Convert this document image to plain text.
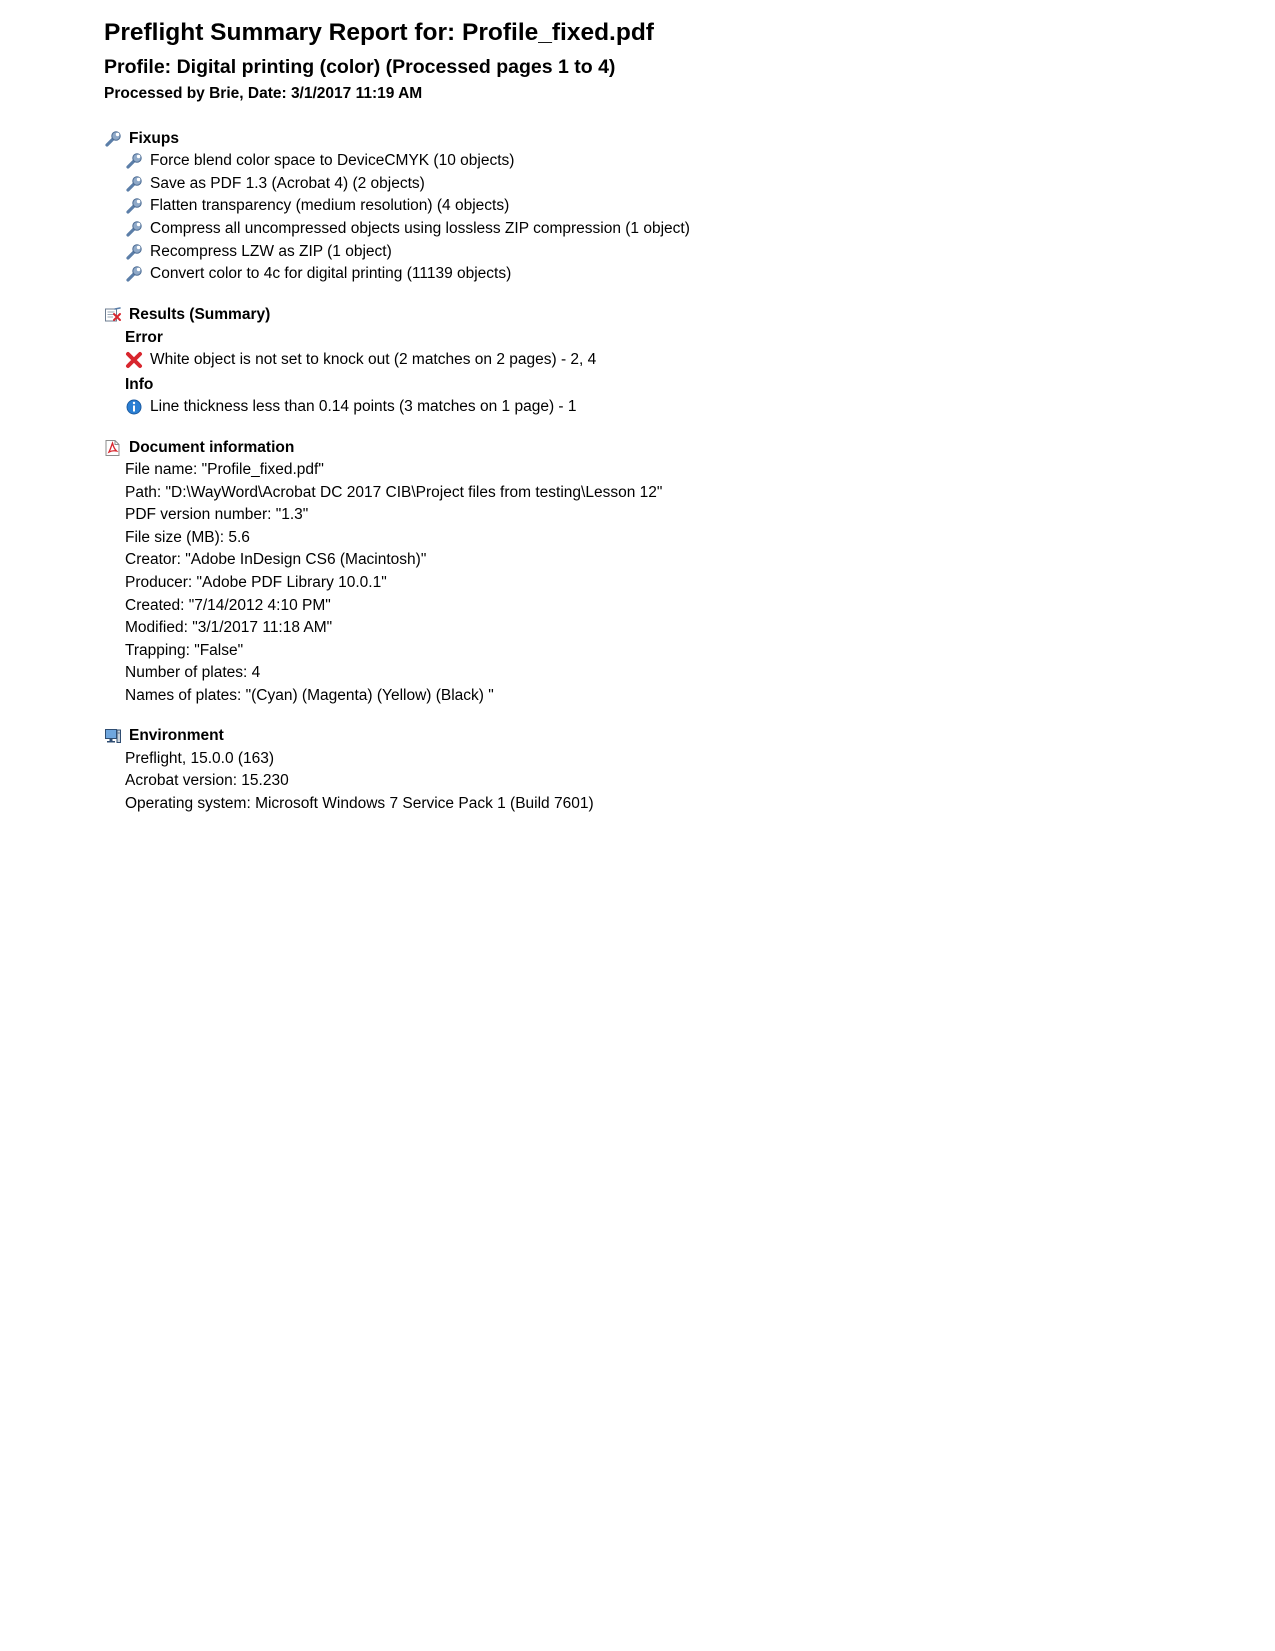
Preflight Summary Report for: Profile_fixed.pdf
Profile: Digital printing (color) (Processed pages 1 to 4)
Processed by Brie, Date: 3/1/2017 11:19 AM
Fixups
Force blend color space to DeviceCMYK (10 objects)
Save as PDF 1.3 (Acrobat 4) (2 objects)
Flatten transparency (medium resolution) (4 objects)
Compress all uncompressed objects using lossless ZIP compression (1 object)
Recompress LZW as ZIP (1 object)
Convert color to 4c for digital printing (11139 objects)
Results (Summary)
Error
White object is not set to knock out (2 matches on 2 pages) - 2, 4
Info
Line thickness less than 0.14 points (3 matches on 1 page) - 1
Document information
File name: "Profile_fixed.pdf"
Path: "D:\WayWord\Acrobat DC 2017 CIB\Project files from testing\Lesson 12"
PDF version number: "1.3"
File size (MB): 5.6
Creator: "Adobe InDesign CS6 (Macintosh)"
Producer: "Adobe PDF Library 10.0.1"
Created: "7/14/2012 4:10 PM"
Modified: "3/1/2017 11:18 AM"
Trapping: "False"
Number of plates: 4
Names of plates: "(Cyan) (Magenta) (Yellow) (Black) "
Environment
Preflight, 15.0.0 (163)
Acrobat version: 15.230
Operating system: Microsoft Windows 7 Service Pack 1 (Build 7601)
